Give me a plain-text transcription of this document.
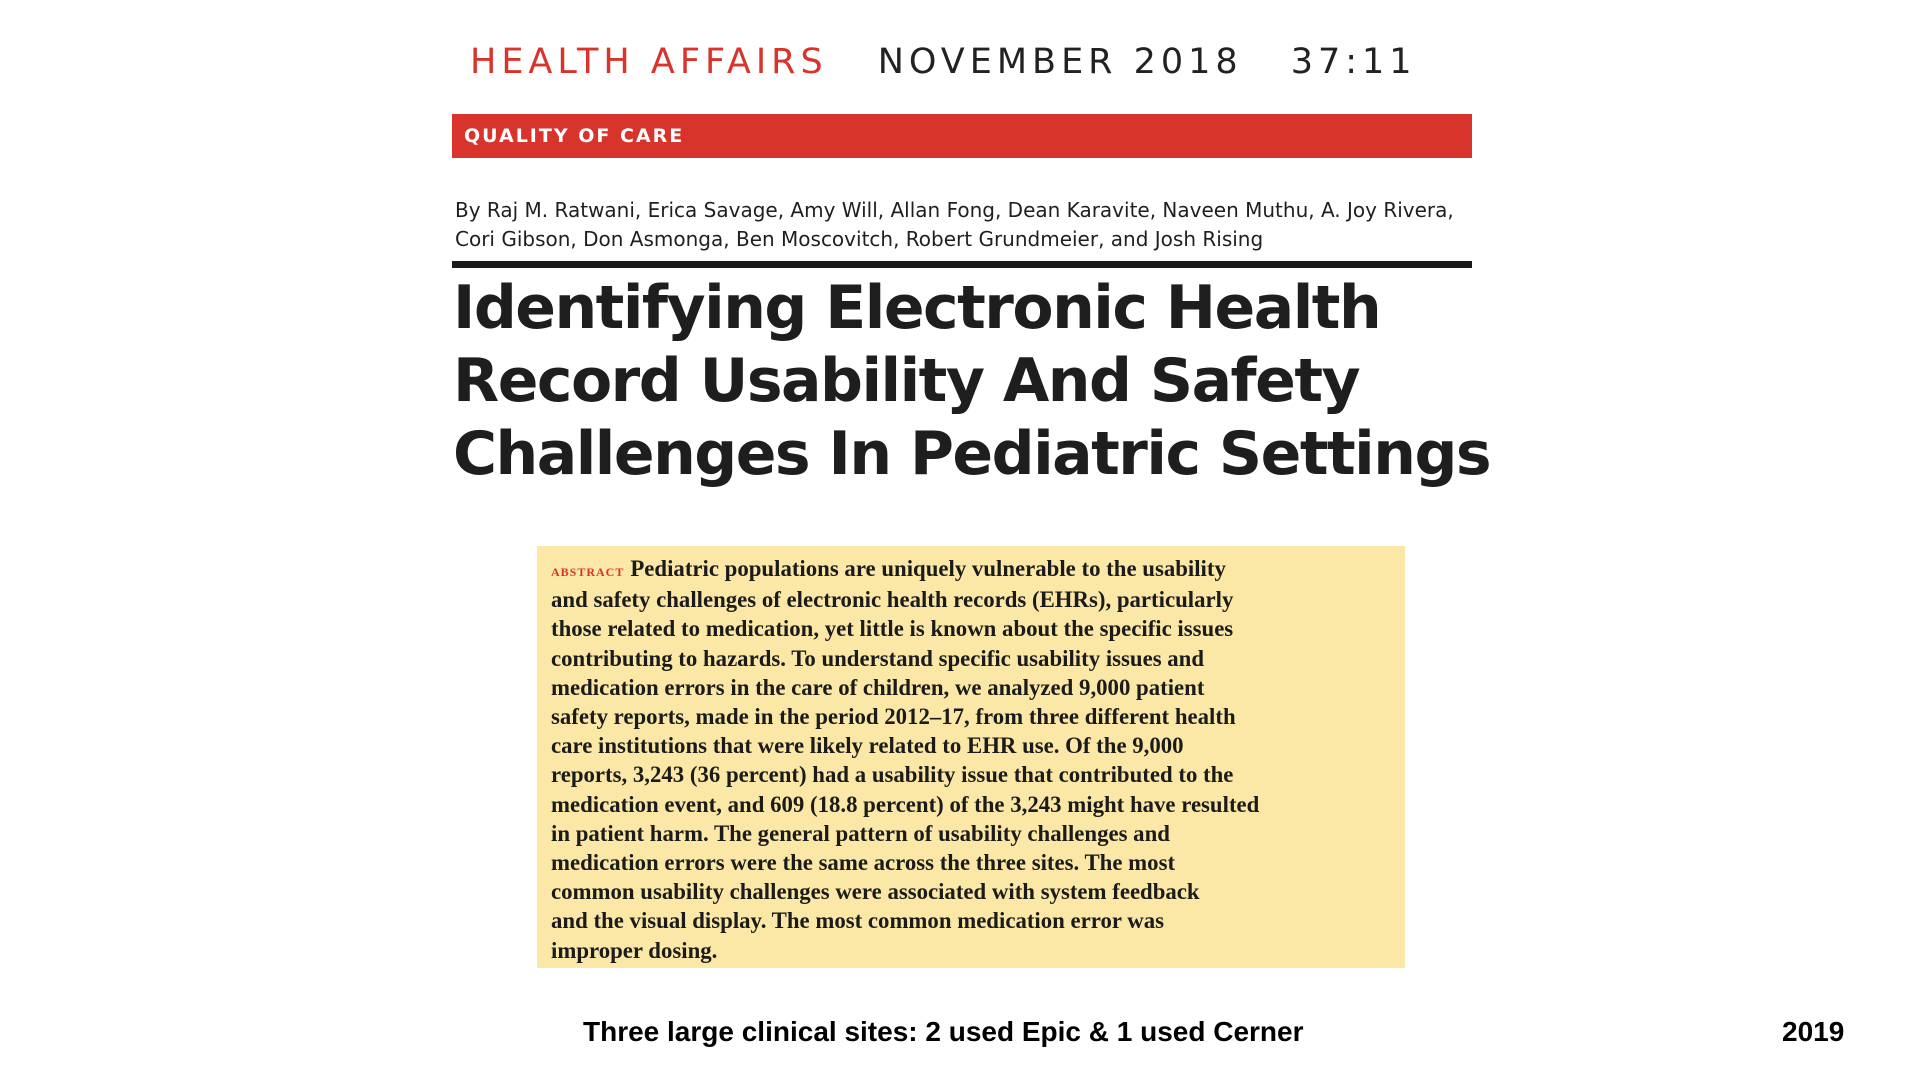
HEALTH AFFAIRS NOVEMBER 2018 37:11
QUALITY OF CARE
By Raj M. Ratwani, Erica Savage, Amy Will, Allan Fong, Dean Karavite, Naveen Muthu, A. Joy Rivera,
Cori Gibson, Don Asmonga, Ben Moscovitch, Robert Grundmeier, and Josh Rising
Identifying Electronic Health
Record Usability And Safety
Challenges In Pediatric Settings
abstract Pediatric populations are uniquely vulnerable to the usability
and safety challenges of electronic health records (EHRs), particularly
those related to medication, yet little is known about the specific issues
contributing to hazards. To understand specific usability issues and
medication errors in the care of children, we analyzed 9,000 patient
safety reports, made in the period 2012–17, from three different health
care institutions that were likely related to EHR use. Of the 9,000
reports, 3,243 (36 percent) had a usability issue that contributed to the
medication event, and 609 (18.8 percent) of the 3,243 might have resulted
in patient harm. The general pattern of usability challenges and
medication errors were the same across the three sites. The most
common usability challenges were associated with system feedback
and the visual display. The most common medication error was
improper dosing.
Three large clinical sites: 2 used Epic & 1 used Cerner	2019
